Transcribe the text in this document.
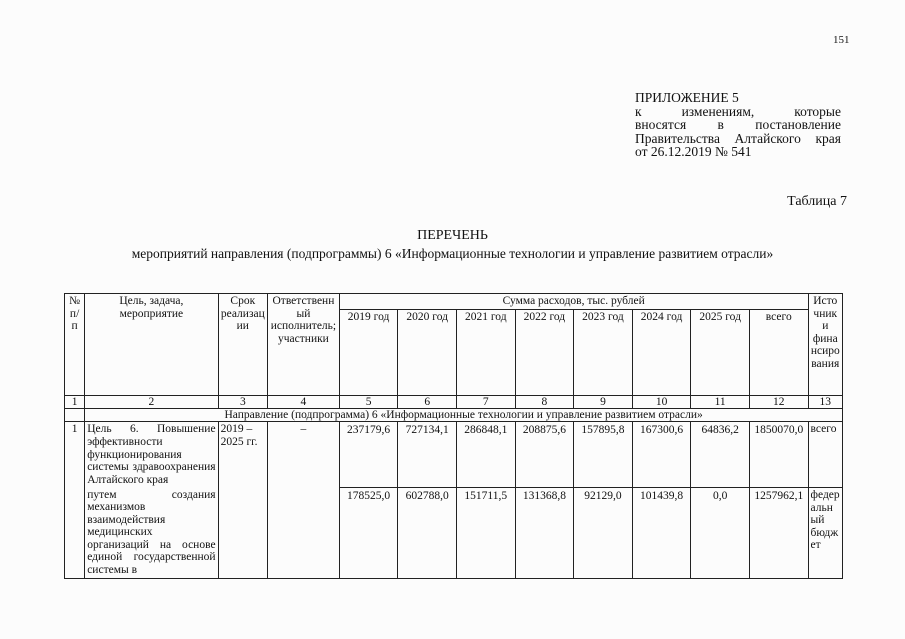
151
ПРИЛОЖЕНИЕ 5
к изменениям, которые
вносятся в постановление
Правительства Алтайского края
от 26.12.2019 № 541
Таблица 7
ПЕРЕЧЕНЬ
мероприятий направления (подпрограммы) 6 «Информационные технологии и управление развитием отрасли»
№ п/п	Цель, задача, мероприятие	Срок реализации	Ответственный исполнитель; участники	Сумма расходов, тыс. рублей								Источники финансирования
				2019 год	2020 год	2021 год	2022 год	2023 год	2024 год	2025 год	всего	
1	2	3	4	5	6	7	8	9	10	11	12	13
	Направление (подпрограмма) 6 «Информационные технологии и управление развитием отрасли»											
1	Цель 6. Повышение эффективности функционирования системы здравоохранения Алтайского края	2019 – 2025 гг.	–	237179,6	727134,1	286848,1	208875,6	157895,8	167300,6	64836,2	1850070,0	всего
	путем создания механизмов взаимодействия медицинских организаций на основе единой государственной системы в			178525,0	602788,0	151711,5	131368,8	92129,0	101439,8	0,0	1257962,1	федеральный бюджет
